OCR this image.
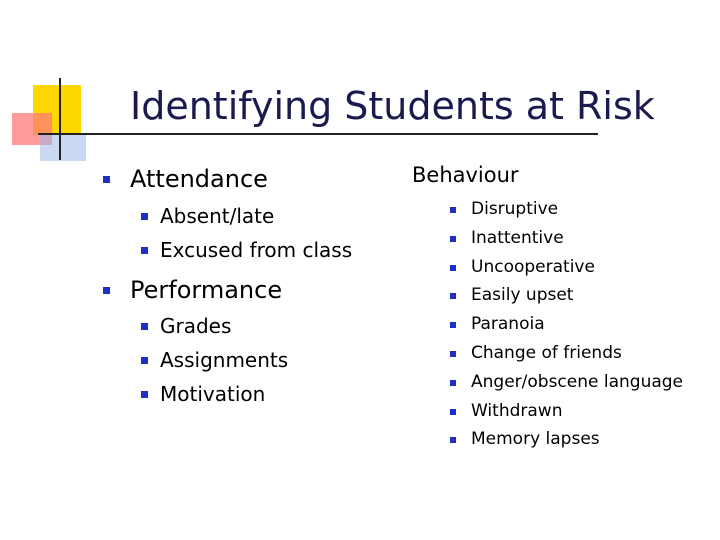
Identifying Students at Risk
Attendance
Absent/late
Excused from class
Performance
Grades
Assignments
Motivation
Behaviour
Disruptive
Inattentive
Uncooperative
Easily upset
Paranoia
Change of friends
Anger/obscene language
Withdrawn
Memory lapses
